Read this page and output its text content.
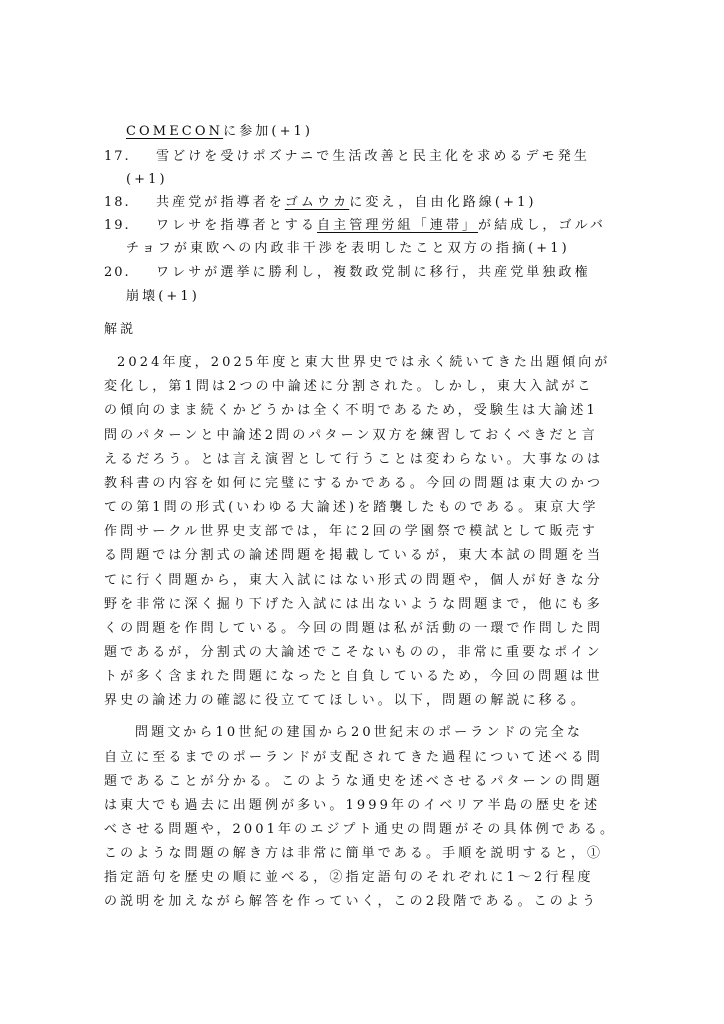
COMECONに参加(+1)
17. 雪どけを受けポズナニで生活改善と民主化を求めるデモ発生
(+1)
18. 共産党が指導者をゴムウカに変え，自由化路線(+1)
19. ワレサを指導者とする自主管理労組「連帯」が結成し，ゴルバ
チョフが東欧への内政非干渉を表明したこと双方の指摘(+1)
20. ワレサが選挙に勝利し，複数政党制に移行，共産党単独政権
崩壊(+1)
解説
2024年度，2025年度と東大世界史では永く続いてきた出題傾向が
変化し，第1問は2つの中論述に分割された。しかし，東大入試がこ
の傾向のまま続くかどうかは全く不明であるため，受験生は大論述1
問のパターンと中論述2問のパターン双方を練習しておくべきだと言
えるだろう。とは言え演習として行うことは変わらない。大事なのは
教科書の内容を如何に完璧にするかである。今回の問題は東大のかつ
ての第1問の形式(いわゆる大論述)を踏襲したものである。東京大学
作問サークル世界史支部では，年に2回の学園祭で模試として販売す
る問題では分割式の論述問題を掲載しているが，東大本試の問題を当
てに行く問題から，東大入試にはない形式の問題や，個人が好きな分
野を非常に深く掘り下げた入試には出ないような問題まで，他にも多
くの問題を作問している。今回の問題は私が活動の一環で作問した問
題であるが，分割式の大論述でこそないものの，非常に重要なポイン
トが多く含まれた問題になったと自負しているため，今回の問題は世
界史の論述力の確認に役立ててほしい。以下，問題の解説に移る。
問題文から10世紀の建国から20世紀末のポーランドの完全な
自立に至るまでのポーランドが支配されてきた過程について述べる問
題であることが分かる。このような通史を述べさせるパターンの問題
は東大でも過去に出題例が多い。1999年のイベリア半島の歴史を述
べさせる問題や，2001年のエジプト通史の問題がその具体例である。
このような問題の解き方は非常に簡単である。手順を説明すると，①
指定語句を歴史の順に並べる，②指定語句のそれぞれに1〜2行程度
の説明を加えながら解答を作っていく，この2段階である。このよう
